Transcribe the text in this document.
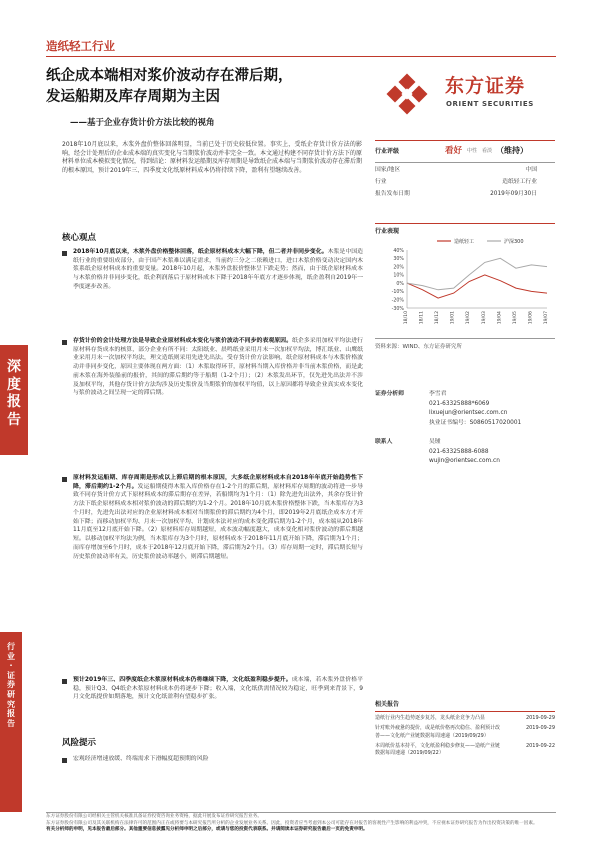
造纸轻工行业
纸企成本端相对浆价波动存在滞后期，
发运船期及库存周期为主因
——基于企业存货计价方法比较的视角
东方证券
ORIENT SECURITIES
深度报告
行业 · 证券研究报告
2018年10月底以来，木浆外盘价整体回落明显，当前已处于历史较低位置。事实上，受纸企存货计价方法的影响，经会计处理后的企业成本端的真实变化与当期浆价波动并非完全一致。本文通过构建不同存货计价方法下的原材料单位成本模拟变化情况，得到结论：原材料发运船期及库存周期是导致纸企成本端与当期浆价波动存在滞后期的根本原因，预计2019年三、四季度文化纸原材料成本仍将持续下降，盈利有望继续改善。
核心观点
2018年10月底以来，木浆外盘价格整体回落，纸企原材料成本大幅下降，但二者并非同步变化。木浆是中国造纸行业的重要组成部分，由于国产木浆难以满足需求，当前约三分之二依赖进口，进口木浆价格变动决定国内木浆系纸企原材料成本的重要变量。2018年10月起，木浆外盘报价整体呈下跌走势；然而，由于纸企原材料成本与木浆价格并非同步变化，纸企利润落后于原材料成本下降于2018年年底方才逐步体现，纸企盈利自2019年一季度逐步改善。
存货计价的会计处理方法是导致企业原材料成本变化与浆价波动不同步的表观原因。纸企多采用加权平均法进行原材料存货成本的核算，部分企业有所不同：太阳纸业、晨鸣纸业采用月末一次加权平均法，博汇纸业、山鹰纸业采用月末一次加权平均法，理文造纸则采用先进先出法。受存货计价方法影响，纸企原材料成本与木浆价格波动并非同步变化，原因主要体现在两方面：（1）木浆取得环节，原材料当期入库价格并非当前木浆价格，而是此前木浆在海外装船前的报价，其间的滞后期约等于船期（1-2个月）；（2）木浆发出环节，仅先进先出法并不涉及加权平均，其他存货计价方法均涉及历史浆价及当期浆价的加权平均值，以上原因都将导致企业真实成本变化与浆价波动之间呈现一定的滞后期。
原材料发运船期、库存周期是形成以上滞后期的根本原因，大多纸企原材料成本自2018年年底开始趋势性下降，滞后期约1-2个月。发运船期使得木浆入库价格存在1-2个月的滞后期，原材料库存周期的波动将进一步导致不同存货计价方式下原材料成本的滞后期存在差异，若船期均为1个月：（1）除先进先出法外，其余存货计价方法下纸企原材料成本相对浆价波动的滞后期约为1-2个月。2018年10月底木浆价格整体下跌，当木浆库存为3个月时，先进先出法对应的企业原材料成本相对当期浆价的滞后期约为4个月，即2019年2月底纸企成本方才开始下降；而移动加权平均、月末一次加权平均、计划成本法对应的成本变化滞后期为1-2个月，成本端从2018年11月底至12月底开始下降。（2）原材料库存周期越短，成本波动幅度越大，成本变化相对浆价波动的滞后期越短。以移动加权平均法为例，当木浆库存为3个月时，原材料成本于2018年11月底开始下降，滞后期为1个月；而库存增加至6个月时，成本于2018年12月底开始下降，滞后期为2个月。（3）库存周期一定时，滞后期长短与历史浆价波动率有关，历史浆价波动率越小，则滞后期越短。
预计2019年三、四季度纸企木浆原材料成本仍将继续下降，文化纸盈利稳步提升。成本端，若木浆外盘价格平稳，预计Q3、Q4纸企木浆原材料成本仍将逐步下降；收入端，文化纸供需情况较为稳定，旺季到来背景下，9月文化纸提价如期落地，预计文化纸盈利有望稳步扩张。
风险提示
宏观经济增速放缓、终端需求下滑幅度超预期的风险
行业评级	看好 中性 看淡 （维持）
国家/地区	中国
行业	造纸轻工行业
报告发布日期	2019年09月30日
行业表现
造纸轻工	沪深300
40%
30%
20%
10%
0%
-10%
-20%
-30%
18/10 18/11 18/12 19/01 19/02 19/03 19/04 19/05 19/06 19/07
资料来源：WIND、东方证券研究所
证券分析师	李雪君
021-63325888*6069
lixuejun@orientsec.com.cn
执业证书编号：S0860517020001
联系人	吴锺
021-63325888-6088
wujin@orientsec.com.cn
相关报告
造纸行业内生趋势逐步复苏，龙头纸企竞争力凸显	2019-09-29
针对账外疲惫的提价，或是纸价格再次稳住、盈利预计改善——文化纸产业链数据每周速递（2019/09/29）
2019-09-29
本周纸价基本持平，文化纸盈利稳步修复——造纸产业链数据每周速递（2019/09/22）
2019-09-22
东方证券股份有限公司经相关主管机关核准具备证券投资咨询业务资格，据此开展发布证券研究报告业务。
东方证券股份有限公司及其关联机构在法律许可的范围内正在或将要与本研究报告所分析的企业发展业务关系。因此，投资者应当考虑到本公司可能存在对报告的客观性产生影响的利益冲突，不应视本证券研究报告为作出投资决策的唯一因素。
有关分析师的申明，见本报告最后部分。其他重要信息披露见分析师申明之后部分，或请与您的投资代表联系。并请阅读本证券研究报告最后一页的免责申明。
